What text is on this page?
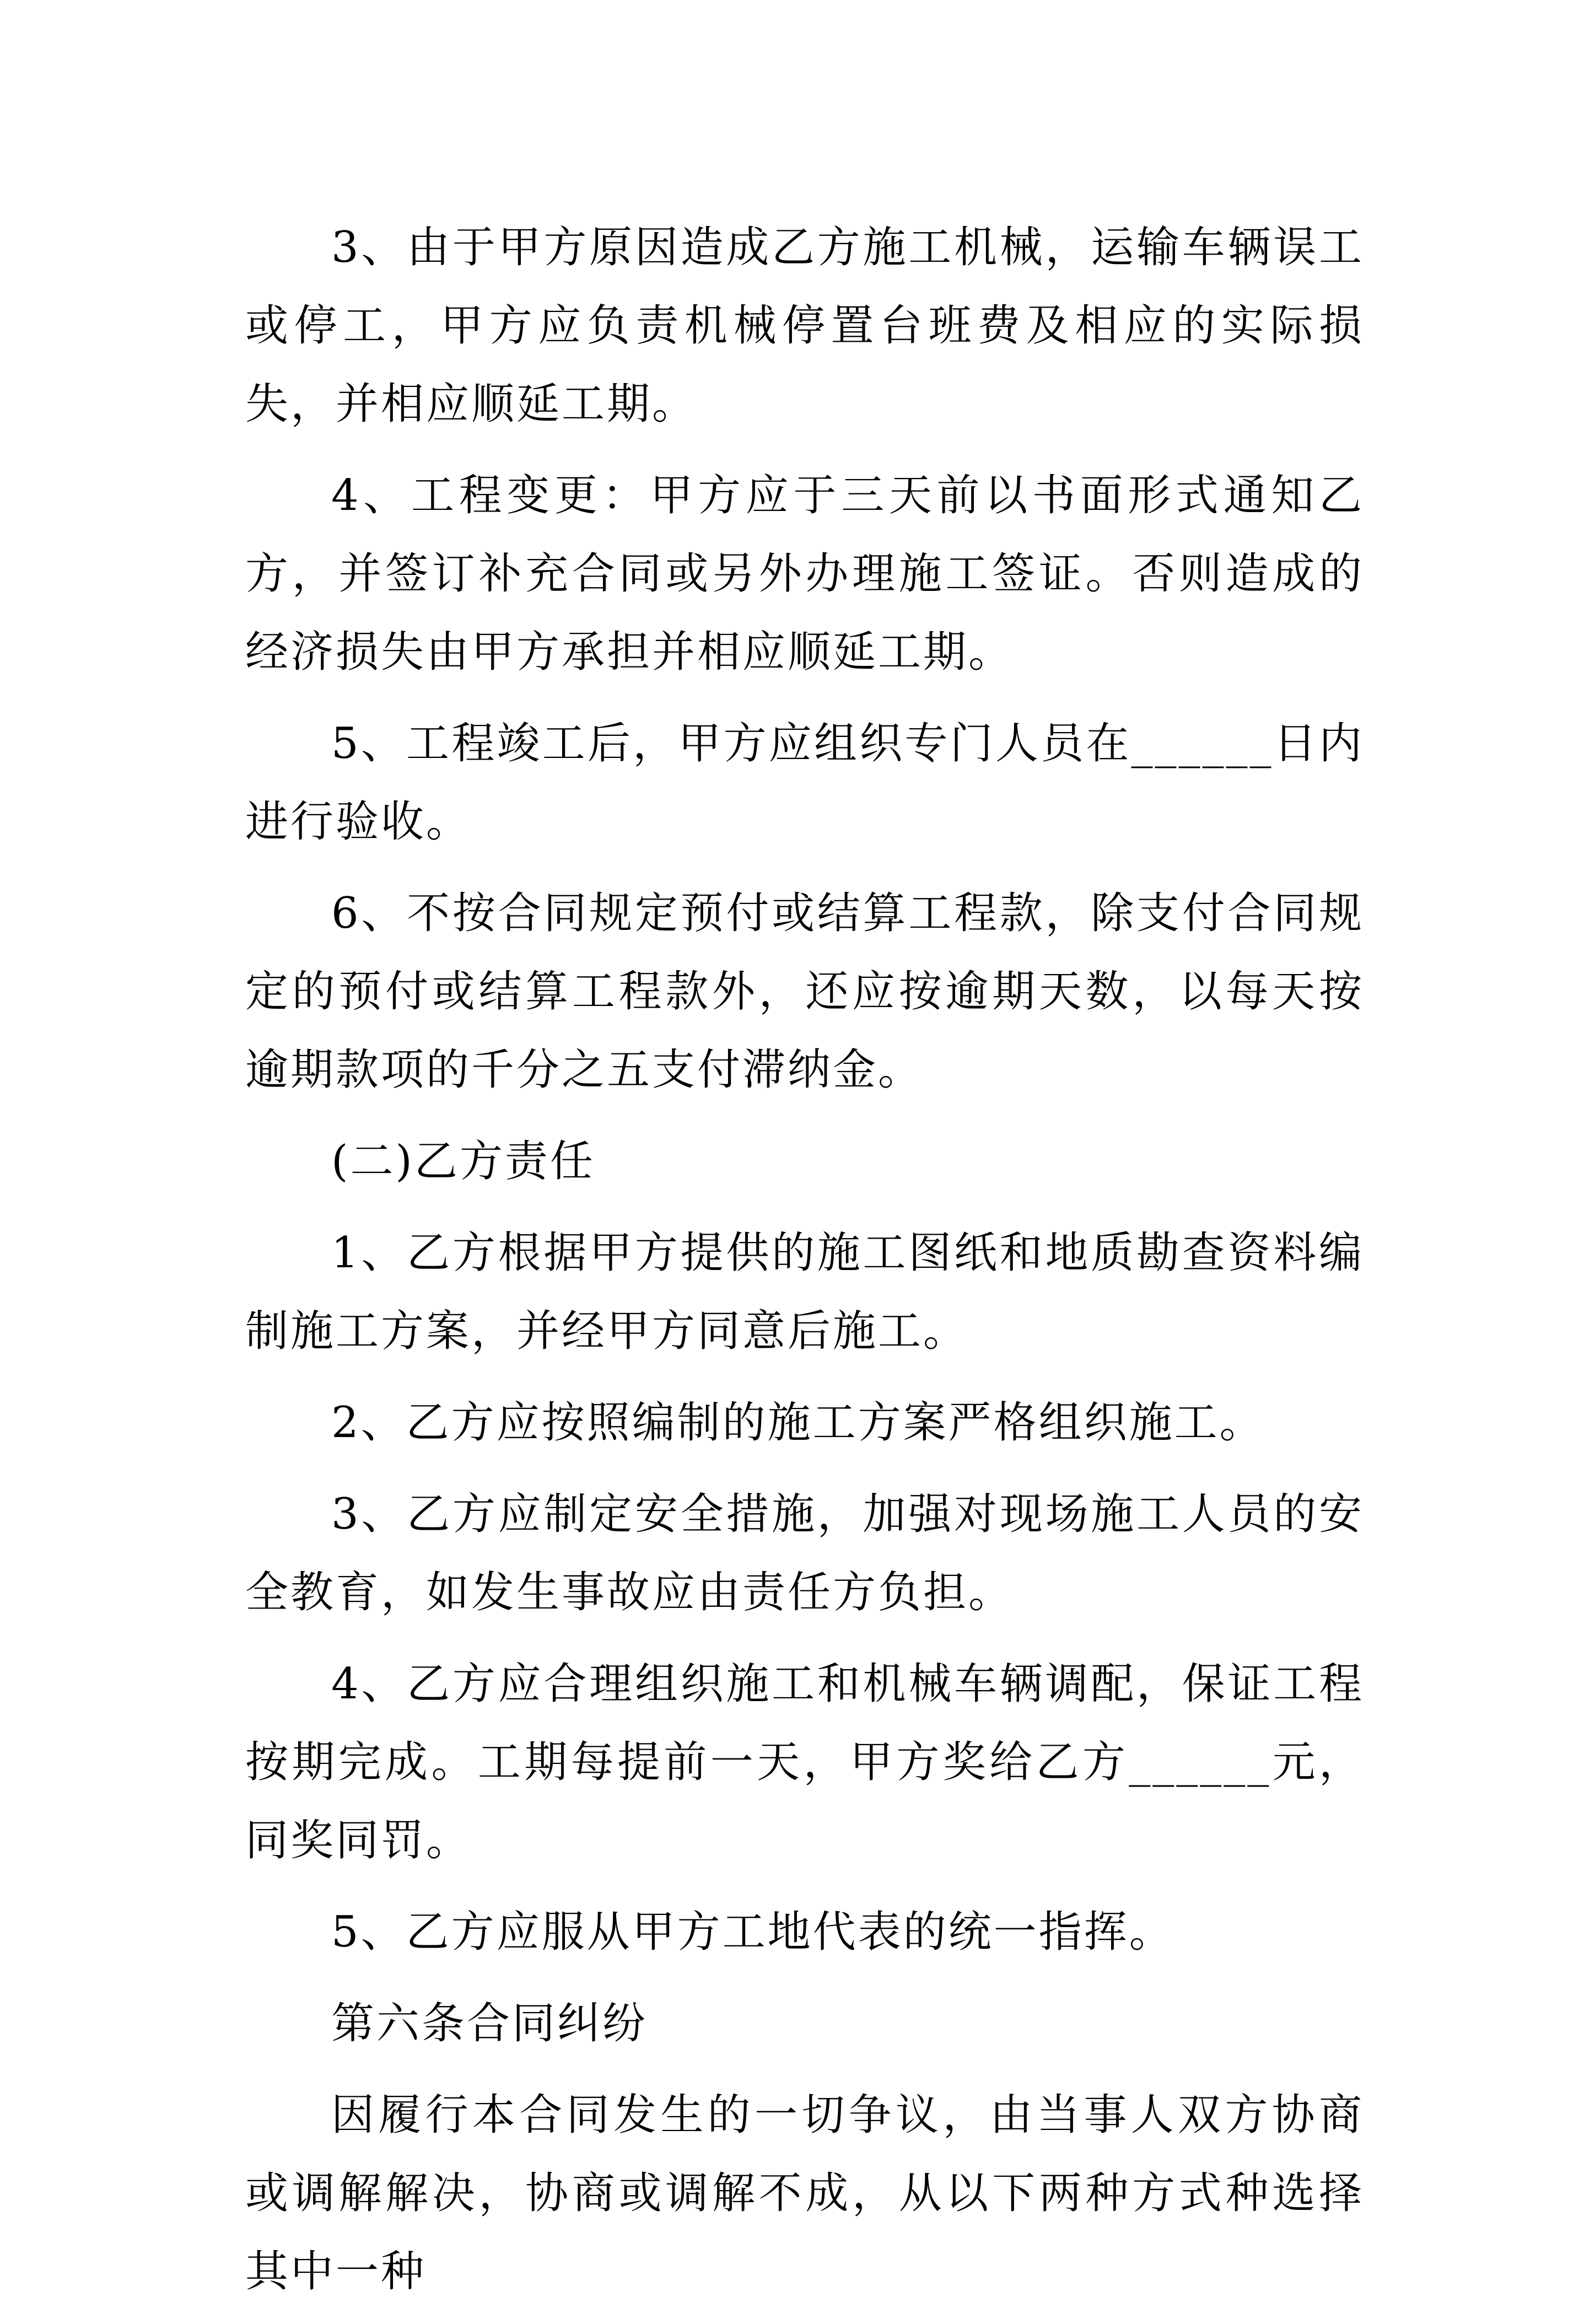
3、由于甲方原因造成乙方施工机械，运输车辆误工或停工，甲方应负责机械停置台班费及相应的实际损失，并相应顺延工期。

4、工程变更：甲方应于三天前以书面形式通知乙方，并签订补充合同或另外办理施工签证。否则造成的经济损失由甲方承担并相应顺延工期。

5、工程竣工后，甲方应组织专门人员在______日内进行验收。

6、不按合同规定预付或结算工程款，除支付合同规定的预付或结算工程款外，还应按逾期天数，以每天按逾期款项的千分之五支付滞纳金。

(二)乙方责任

1、乙方根据甲方提供的施工图纸和地质勘查资料编制施工方案，并经甲方同意后施工。

2、乙方应按照编制的施工方案严格组织施工。

3、乙方应制定安全措施，加强对现场施工人员的安全教育，如发生事故应由责任方负担。

4、乙方应合理组织施工和机械车辆调配，保证工程按期完成。工期每提前一天，甲方奖给乙方______元，同奖同罚。

5、乙方应服从甲方工地代表的统一指挥。

第六条合同纠纷

因履行本合同发生的一切争议，由当事人双方协商或调解解决，协商或调解不成，从以下两种方式种选择其中一种
